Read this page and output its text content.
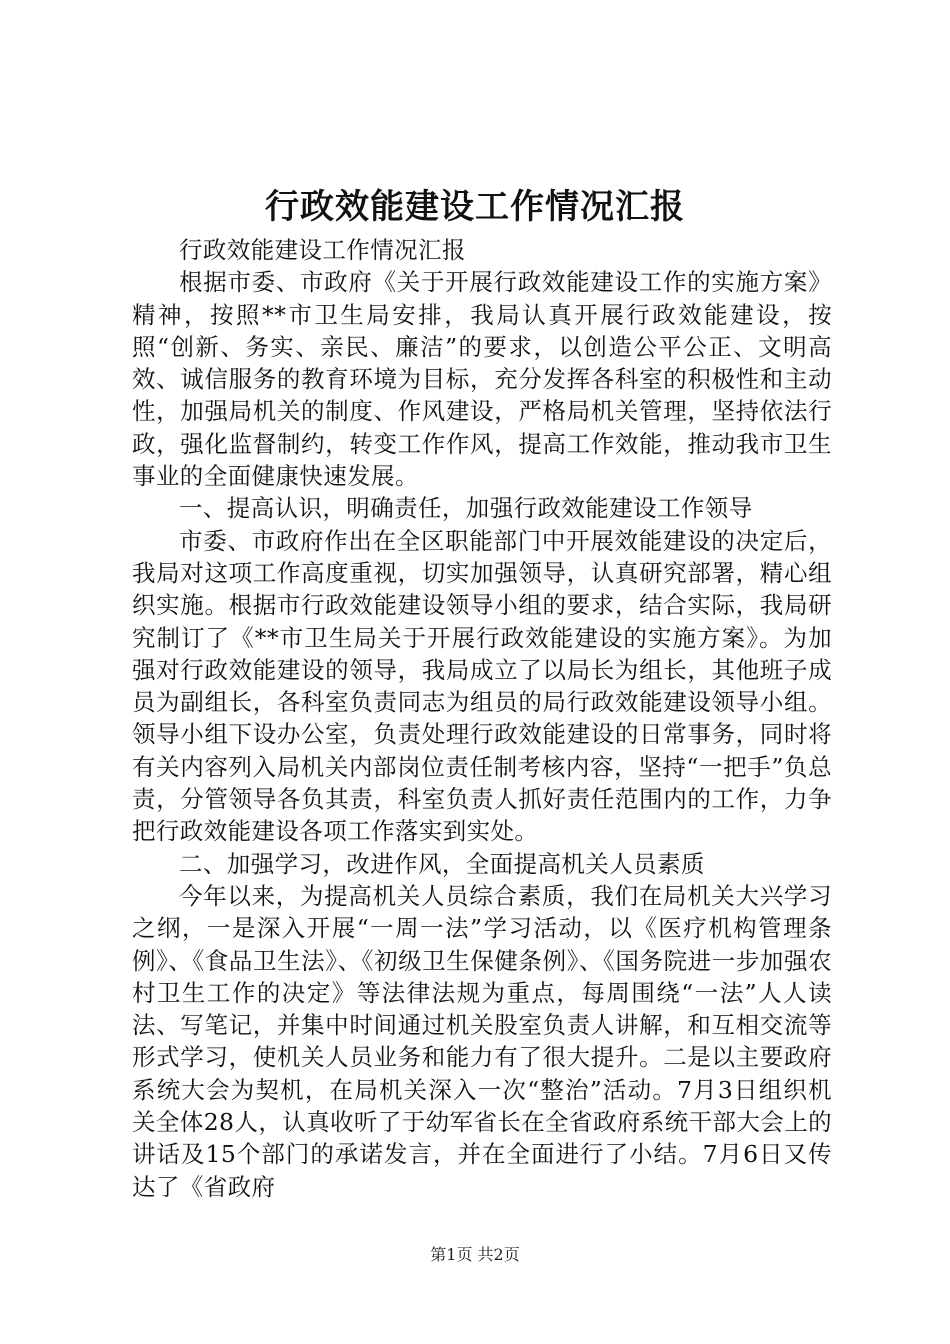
行政效能建设工作情况汇报

行政效能建设工作情况汇报

根据市委、市政府《关于开展行政效能建设工作的实施方案》精神，按照**市卫生局安排，我局认真开展行政效能建设，按照“创新、务实、亲民、廉洁”的要求，以创造公平公正、文明高效、诚信服务的教育环境为目标，充分发挥各科室的积极性和主动性，加强局机关的制度、作风建设，严格局机关管理，坚持依法行政，强化监督制约，转变工作作风，提高工作效能，推动我市卫生事业的全面健康快速发展。

一、提高认识，明确责任，加强行政效能建设工作领导

市委、市政府作出在全区职能部门中开展效能建设的决定后，我局对这项工作高度重视，切实加强领导，认真研究部署，精心组织实施。根据市行政效能建设领导小组的要求，结合实际，我局研究制订了《**市卫生局关于开展行政效能建设的实施方案》。为加强对行政效能建设的领导，我局成立了以局长为组长，其他班子成员为副组长，各科室负责同志为组员的局行政效能建设领导小组。领导小组下设办公室，负责处理行政效能建设的日常事务，同时将有关内容列入局机关内部岗位责任制考核内容，坚持“一把手”负总责，分管领导各负其责，科室负责人抓好责任范围内的工作，力争把行政效能建设各项工作落实到实处。

二、加强学习，改进作风，全面提高机关人员素质

今年以来，为提高机关人员综合素质，我们在局机关大兴学习之纲，一是深入开展“一周一法”学习活动，以《医疗机构管理条例》、《食品卫生法》、《初级卫生保健条例》、《国务院进一步加强农村卫生工作的决定》等法律法规为重点，每周围绕“一法”人人读法、写笔记，并集中时间通过机关股室负责人讲解，和互相交流等形式学习，使机关人员业务和能力有了很大提升。二是以主要政府系统大会为契机，在局机关深入一次“整治”活动。7月3日组织机关全体28人，认真收听了于幼军省长在全省政府系统干部大会上的讲话及15个部门的承诺发言，并在全面进行了小结。7月6日又传达了《省政府

第1页 共2页
